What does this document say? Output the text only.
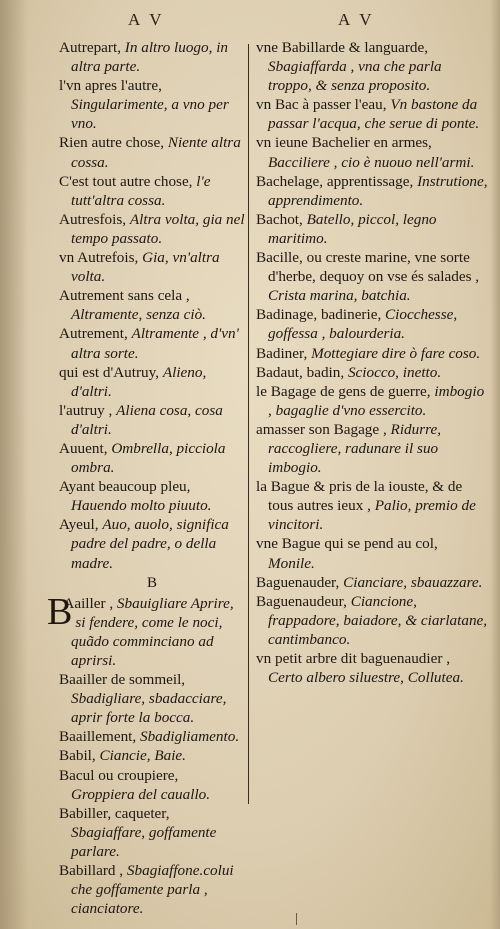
A V	A V

Autrepart, In altro luogo, in altra parte.

l'vn apres l'autre, Singularimente, a vno per vno.

Rien autre chose, Niente altra cossa.

C'est tout autre chose, l'e tutt'altra cossa.

Autresfois, Altra volta, gia nel tempo passato.

vn Autrefois, Gia, vn'altra volta.

Autrement sans cela , Altramente, senza ciò.

Autrement, Altramente , d'vn' altra sorte.

qui est d'Autruy, Alieno, d'altri.

l'autruy , Aliena cosa, cosa d'altri.

Auuent, Ombrella, picciola ombra.

Ayant beaucoup pleu, Hauendo molto piuuto.

Ayeul, Auo, auolo, significa padre del padre, o della madre.

B

B
Aailler , Sbauigliare Aprire, si fendere, come le noci, quãdo comminciano ad aprirsi.

Baailler de sommeil, Sbadigliare, sbadacciare, aprir forte la bocca.

Baaillement, Sbadigliamento.

Babil, Ciancie, Baie.

Bacul ou croupiere, Groppiera del cauallo.

Babiller, caqueter, Sbagiaffare, goffamente parlare.

Babillard , Sbagiaffone.colui che goffamente parla , cianciatore.

vne Babillarde & languarde, Sbagiaffarda , vna che parla troppo, & senza proposito.

vn Bac à passer l'eau, Vn bastone da passar l'acqua, che serue di ponte.

vn ieune Bachelier en armes, Bacciliere , cio è nuouo nell'armi.

Bachelage, apprentissage, Instrutione, apprendimento.

Bachot, Batello, piccol, legno maritimo.

Bacille, ou creste marine, vne sorte d'herbe, dequoy on vse és salades , Crista marina, batchia.

Badinage, badinerie, Ciocchesse, goffessa , balourderia.

Badiner, Mottegiare dire ò fare coso.

Badaut, badin, Sciocco, inetto.

le Bagage de gens de guerre, imbogio , bagaglie d'vno essercito.

amasser son Bagage , Ridurre, raccogliere, radunare il suo imbogio.

la Bague & pris de la iouste, & de tous autres ieux , Palio, premio de vincitori.

vne Bague qui se pend au col, Monile.

Baguenauder, Cianciare, sbauazzare.

Baguenaudeur, Ciancione, frappadore, baiadore, & ciarlatane, cantimbanco.

vn petit arbre dit baguenaudier , Certo albero siluestre, Collutea.
